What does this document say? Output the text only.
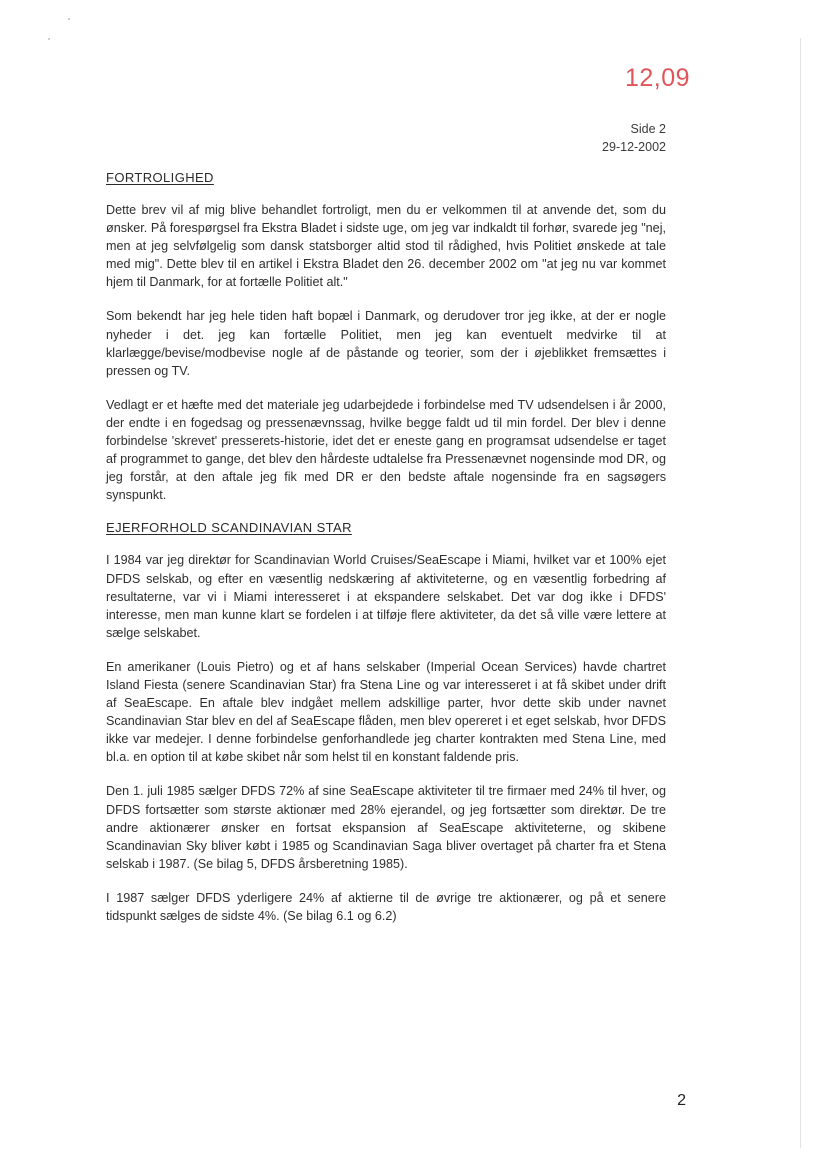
12,09
Side 2
29-12-2002
FORTROLIGHED

Dette brev vil af mig blive behandlet fortroligt, men du er velkommen til at anvende det, som du ønsker. På forespørgsel fra Ekstra Bladet i sidste uge, om jeg var indkaldt til forhør, svarede jeg "nej, men at jeg selvfølgelig som dansk statsborger altid stod til rådighed, hvis Politiet ønskede at tale med mig". Dette blev til en artikel i Ekstra Bladet den 26. december 2002 om "at jeg nu var kommet hjem til Danmark, for at fortælle Politiet alt."

Som bekendt har jeg hele tiden haft bopæl i Danmark, og derudover tror jeg ikke, at der er nogle nyheder i det. jeg kan fortælle Politiet, men jeg kan eventuelt medvirke til at klarlægge/bevise/modbevise nogle af de påstande og teorier, som der i øjeblikket fremsættes i pressen og TV.

Vedlagt er et hæfte med det materiale jeg udarbejdede i forbindelse med TV udsendelsen i år 2000, der endte i en fogedsag og pressenævnssag, hvilke begge faldt ud til min fordel. Der blev i denne forbindelse 'skrevet' presserets-historie, idet det er eneste gang en programsat udsendelse er taget af programmet to gange, det blev den hårdeste udtalelse fra Pressenævnet nogensinde mod DR, og jeg forstår, at den aftale jeg fik med DR er den bedste aftale nogensinde fra en sagsøgers synspunkt.

EJERFORHOLD SCANDINAVIAN STAR

I 1984 var jeg direktør for Scandinavian World Cruises/SeaEscape i Miami, hvilket var et 100% ejet DFDS selskab, og efter en væsentlig nedskæring af aktiviteterne, og en væsentlig forbedring af resultaterne, var vi i Miami interesseret i at ekspandere selskabet. Det var dog ikke i DFDS' interesse, men man kunne klart se fordelen i at tilføje flere aktiviteter, da det så ville være lettere at sælge selskabet.

En amerikaner (Louis Pietro) og et af hans selskaber (Imperial Ocean Services) havde chartret Island Fiesta (senere Scandinavian Star) fra Stena Line og var interesseret i at få skibet under drift af SeaEscape. En aftale blev indgået mellem adskillige parter, hvor dette skib under navnet Scandinavian Star blev en del af SeaEscape flåden, men blev opereret i et eget selskab, hvor DFDS ikke var medejer. I denne forbindelse genforhandlede jeg charter kontrakten med Stena Line, med bl.a. en option til at købe skibet når som helst til en konstant faldende pris.

Den 1. juli 1985 sælger DFDS 72% af sine SeaEscape aktiviteter til tre firmaer med 24% til hver, og DFDS fortsætter som største aktionær med 28% ejerandel, og jeg fortsætter som direktør. De tre andre aktionærer ønsker en fortsat ekspansion af SeaEscape aktiviteterne, og skibene Scandinavian Sky bliver købt i 1985 og Scandinavian Saga bliver overtaget på charter fra et Stena selskab i 1987. (Se bilag 5, DFDS årsberetning 1985).

I 1987 sælger DFDS yderligere 24% af aktierne til de øvrige tre aktionærer, og på et senere tidspunkt sælges de sidste 4%. (Se bilag 6.1 og 6.2)

2
